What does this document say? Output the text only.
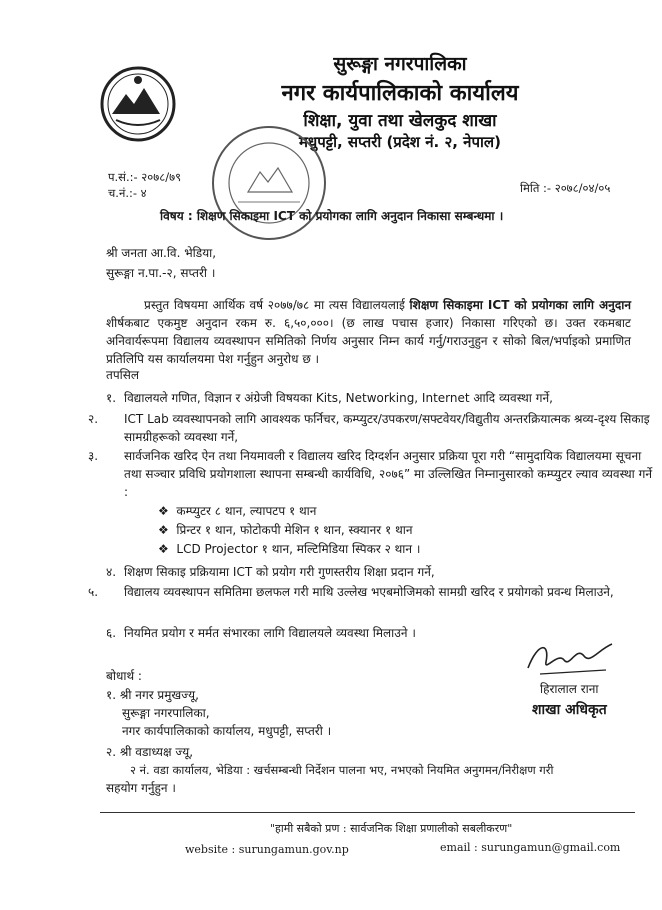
सुरूङ्गा नगरपालिका
नगर कार्यपालिकाको कार्यालय
शिक्षा, युवा तथा खेलकुद शाखा
मधुपट्टी, सप्तरी (प्रदेश नं. २, नेपाल)
प.सं.:- २०७८/७९
च.नं.:- ४	मिति :- २०७८/०४/०५
विषय : शिक्षण सिकाइमा ICT को प्रयोगका लागि अनुदान निकासा सम्बन्धमा ।
श्री जनता आ.वि. भेडिया,
सुरूङ्गा न.पा.-२, सप्तरी ।
प्रस्तुत विषयमा आर्थिक वर्ष २०७७/७८ मा त्यस विद्यालयलाई शिक्षण सिकाइमा ICT को प्रयोगका लागि अनुदान शीर्षकबाट एकमुष्ट अनुदान रकम रु. ६,५०,०००। (छ लाख पचास हजार) निकासा गरिएको छ। उक्त रकमबाट अनिवार्यरूपमा विद्यालय व्यवस्थापन समितिको निर्णय अनुसार निम्न कार्य गर्नु/गराउनुहुन र सोको बिल/भर्पाइको प्रमाणित प्रतिलिपि यस कार्यालयमा पेश गर्नुहुन अनुरोध छ ।
तपसिल
१. विद्यालयले गणित, विज्ञान र अंग्रेजी विषयका Kits, Networking, Internet आदि व्यवस्था गर्ने,
२. ICT Lab व्यवस्थापनको लागि आवश्यक फर्निचर, कम्प्युटर/उपकरण/सफ्टवेयर/विद्युतीय अन्तरक्रियात्मक श्रव्य-दृश्य सिकाइ सामग्रीहरूको व्यवस्था गर्ने,
३. सार्वजनिक खरिद ऐन तथा नियमावली र विद्यालय खरिद दिग्दर्शन अनुसार प्रक्रिया पूरा गरी “सामुदायिक विद्यालयमा सूचना तथा सञ्चार प्रविधि प्रयोगशाला स्थापना सम्बन्धी कार्यविधि, २०७६” मा उल्लिखित निम्नानुसारको कम्प्युटर ल्याव व्यवस्था गर्ने :
❖  कम्प्युटर ८ थान, ल्यापटप १ थान
❖  प्रिन्टर १ थान, फोटोकपी मेशिन १ थान, स्क्यानर १ थान
❖  LCD Projector १ थान, मल्टिमिडिया स्पिकर २ थान ।
४. शिक्षण सिकाइ प्रक्रियामा ICT को प्रयोग गरी गुणस्तरीय शिक्षा प्रदान गर्ने,
५. विद्यालय व्यवस्थापन समितिमा छलफल गरी माथि उल्लेख भएबमोजिमको सामग्री खरिद र प्रयोगको प्रवन्ध मिलाउने,
६. नियमित प्रयोग र मर्मत संभारका लागि विद्यालयले व्यवस्था मिलाउने ।
हिरालाल राना
शाखा अधिकृत
बोधार्थ :
१. श्री नगर प्रमुखज्यू,
सुरूङ्गा नगरपालिका,
नगर कार्यपालिकाको कार्यालय, मधुपट्टी, सप्तरी ।
२. श्री वडाध्यक्ष ज्यू,
२ नं. वडा कार्यालय, भेडिया : खर्चसम्बन्धी निर्देशन पालना भए, नभएको नियमित अनुगमन/निरीक्षण गरी
सहयोग गर्नुहुन ।
"हामी सबैको प्रण : सार्वजनिक शिक्षा प्रणालीको सबलीकरण"
website : surungamun.gov.np	email : surungamun@gmail.com
